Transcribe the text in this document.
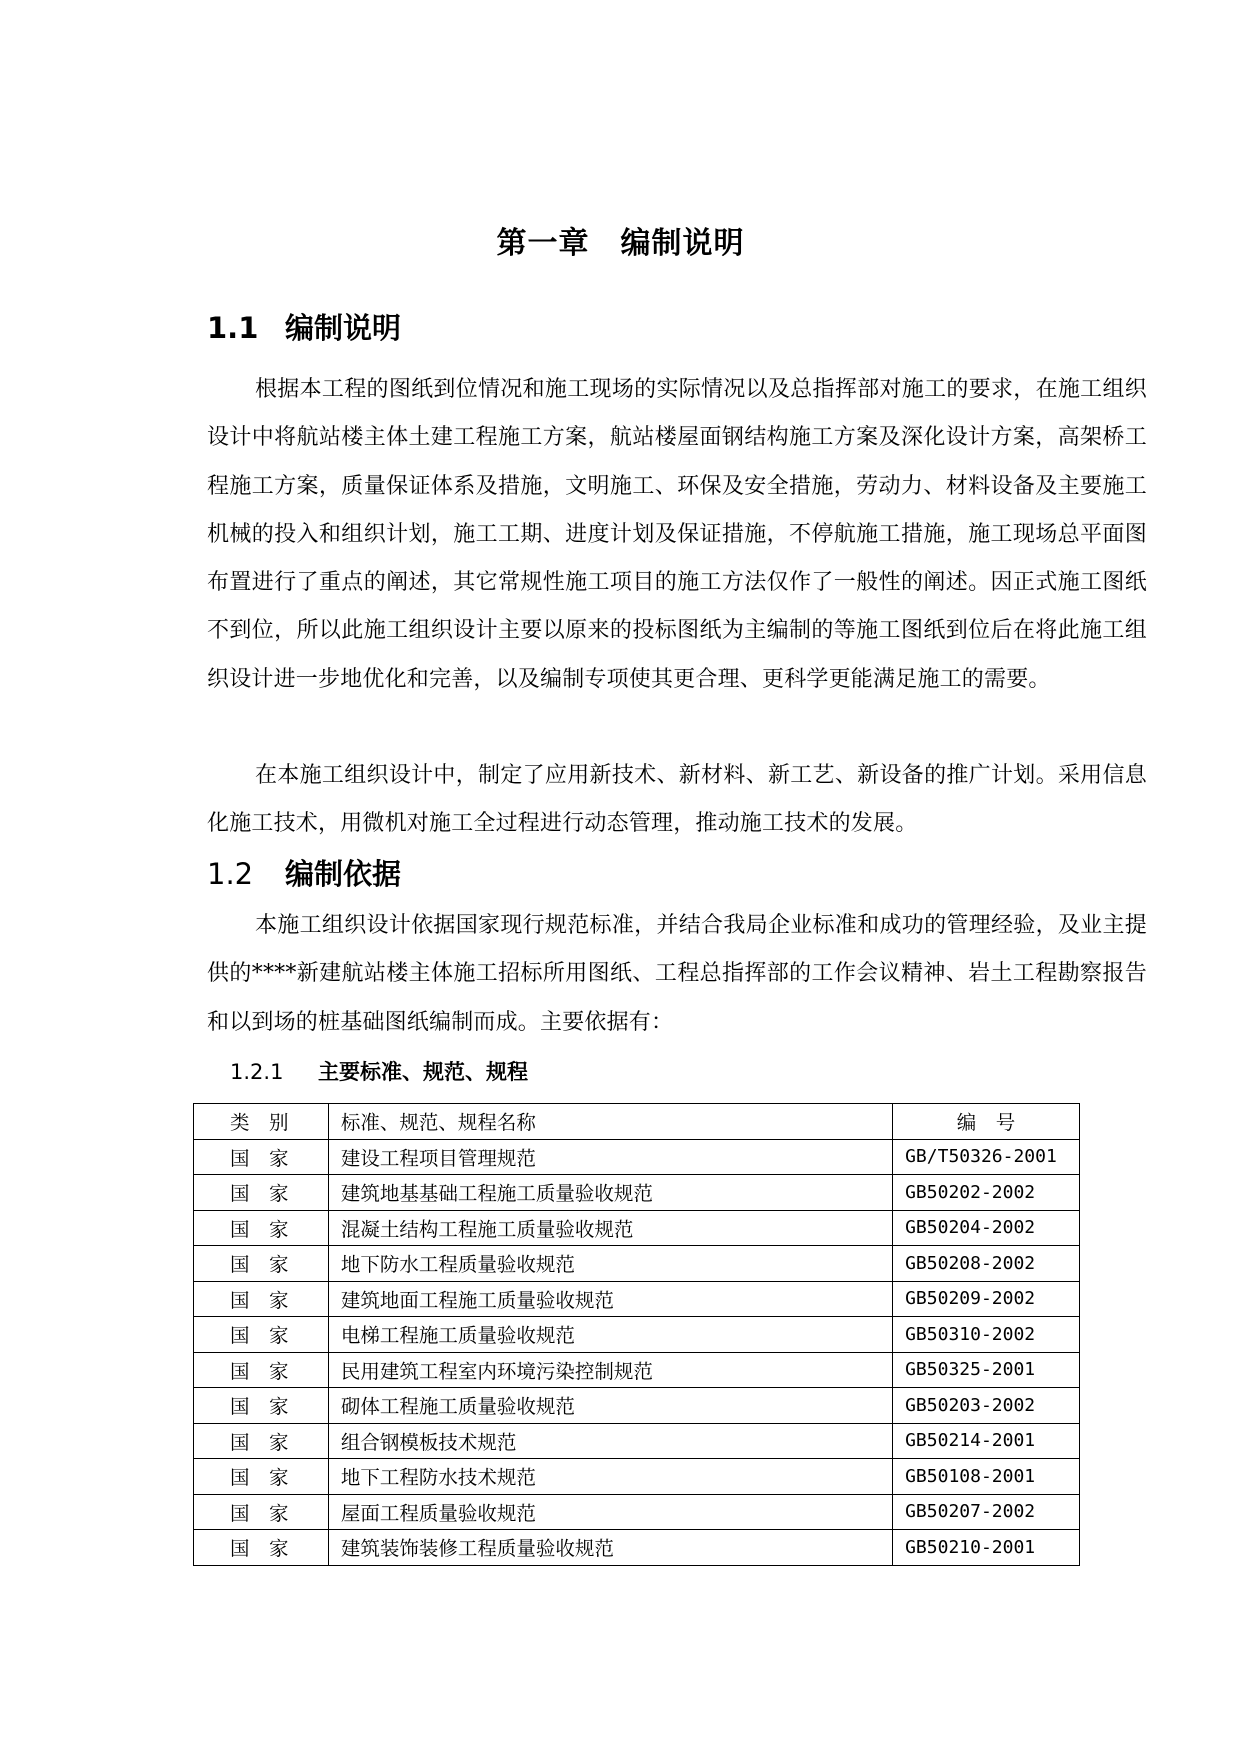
第一章　编制说明
1.1 编制说明
根据本工程的图纸到位情况和施工现场的实际情况以及总指挥部对施工的要求，在施工组织设计中将航站楼主体土建工程施工方案，航站楼屋面钢结构施工方案及深化设计方案，高架桥工程施工方案，质量保证体系及措施，文明施工、环保及安全措施，劳动力、材料设备及主要施工机械的投入和组织计划，施工工期、进度计划及保证措施，不停航施工措施，施工现场总平面图布置进行了重点的阐述，其它常规性施工项目的施工方法仅作了一般性的阐述。因正式施工图纸不到位，所以此施工组织设计主要以原来的投标图纸为主编制的等施工图纸到位后在将此施工组织设计进一步地优化和完善，以及编制专项使其更合理、更科学更能满足施工的需要。
在本施工组织设计中，制定了应用新技术、新材料、新工艺、新设备的推广计划。采用信息化施工技术，用微机对施工全过程进行动态管理，推动施工技术的发展。
1.2 编制依据
本施工组织设计依据国家现行规范标准，并结合我局企业标准和成功的管理经验，及业主提供的****新建航站楼主体施工招标所用图纸、工程总指挥部的工作会议精神、岩土工程勘察报告和以到场的桩基础图纸编制而成。主要依据有：
1.2.1 主要标准、规范、规程
类　别	标准、规范、规程名称	编　号
国　家	建设工程项目管理规范	GB/T50326-2001
国　家	建筑地基基础工程施工质量验收规范	GB50202-2002
国　家	混凝土结构工程施工质量验收规范	GB50204-2002
国　家	地下防水工程质量验收规范	GB50208-2002
国　家	建筑地面工程施工质量验收规范	GB50209-2002
国　家	电梯工程施工质量验收规范	GB50310-2002
国　家	民用建筑工程室内环境污染控制规范	GB50325-2001
国　家	砌体工程施工质量验收规范	GB50203-2002
国　家	组合钢模板技术规范	GB50214-2001
国　家	地下工程防水技术规范	GB50108-2001
国　家	屋面工程质量验收规范	GB50207-2002
国　家	建筑装饰装修工程质量验收规范	GB50210-2001
